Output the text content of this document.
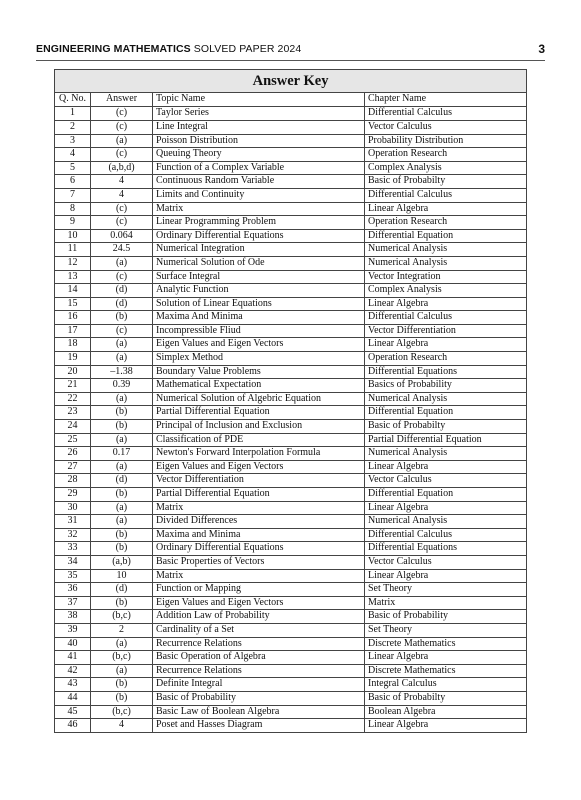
ENGINEERING MATHEMATICS SOLVED PAPER 2024	3
Answer Key			
Q. No.	Answer	Topic Name	Chapter Name
1	(c)	Taylor Series	Differential Calculus
2	(c)	Line Integral	Vector Calculus
3	(a)	Poisson Distribution	Probability Distribution
4	(c)	Queuing Theory	Operation Research
5	(a,b,d)	Function of a Complex Variable	Complex Analysis
6	4	Continuous Random Variable	Basic of Probabilty
7	4	Limits and Continuity	Differential Calculus
8	(c)	Matrix	Linear Algebra
9	(c)	Linear Programming Problem	Operation Research
10	0.064	Ordinary Differential Equations	Differential Equation
11	24.5	Numerical Integration	Numerical Analysis
12	(a)	Numerical Solution of Ode	Numerical Analysis
13	(c)	Surface Integral	Vector Integration
14	(d)	Analytic Function	Complex Analysis
15	(d)	Solution of Linear Equations	Linear Algebra
16	(b)	Maxima And Minima	Differential Calculus
17	(c)	Incompressible Fliud	Vector Differentiation
18	(a)	Eigen Values and Eigen Vectors	Linear Algebra
19	(a)	Simplex Method	Operation Research
20	–1.38	Boundary Value Problems	Differential Equations
21	0.39	Mathematical Expectation	Basics of Probability
22	(a)	Numerical Solution of Algebric Equation	Numerical Analysis
23	(b)	Partial Differential Equation	Differential Equation
24	(b)	Principal of Inclusion and Exclusion	Basic of Probabilty
25	(a)	Classification of PDE	Partial Differential Equation
26	0.17	Newton's Forward Interpolation Formula	Numerical Analysis
27	(a)	Eigen Values and Eigen Vectors	Linear Algebra
28	(d)	Vector Differentiation	Vector Calculus
29	(b)	Partial Differential Equation	Differential Equation
30	(a)	Matrix	Linear Algebra
31	(a)	Divided Differences	Numerical Analysis
32	(b)	Maxima and Minima	Differential Calculus
33	(b)	Ordinary Differential Equations	Differential Equations
34	(a,b)	Basic Properties of Vectors	Vector Calculus
35	10	Matrix	Linear Algebra
36	(d)	Function or Mapping	Set Theory
37	(b)	Eigen Values and Eigen Vectors	Matrix
38	(b,c)	Addition Law of Probability	Basic of Probability
39	2	Cardinality of a Set	Set Theory
40	(a)	Recurrence Relations	Discrete Mathematics
41	(b,c)	Basic Operation of Algebra	Linear Algebra
42	(a)	Recurrence Relations	Discrete Mathematics
43	(b)	Definite Integral	Integral Calculus
44	(b)	Basic of Probability	Basic of Probabilty
45	(b,c)	Basic Law of Boolean Algebra	Boolean Algebra
46	4	Poset and Hasses Diagram	Linear Algebra
